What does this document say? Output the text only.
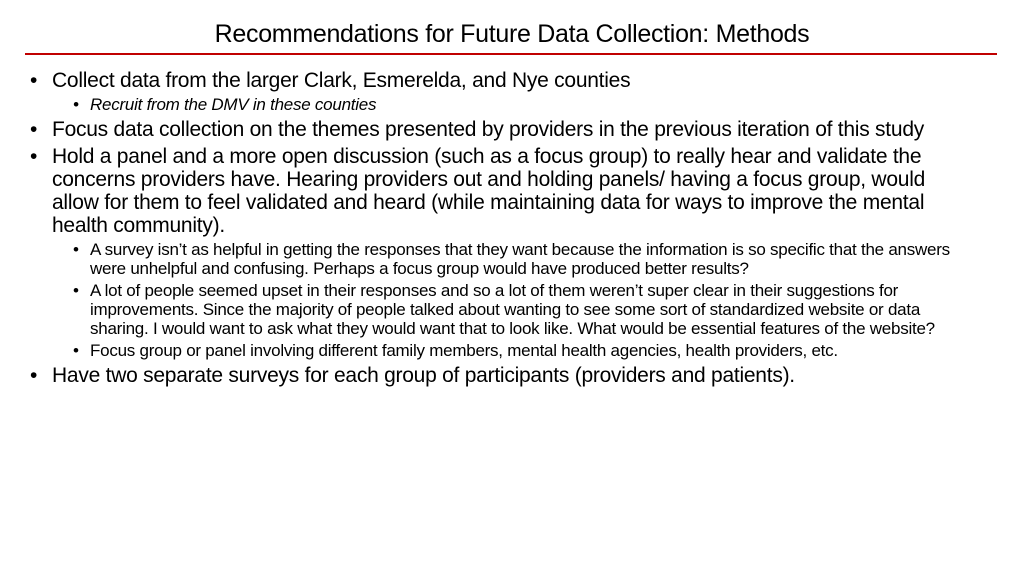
Recommendations for Future Data Collection: Methods
• Collect data from the larger Clark, Esmerelda, and Nye counties
• Recruit from the DMV in these counties
• Focus data collection on the themes presented by providers in the previous iteration of this study
• Hold a panel and a more open discussion (such as a focus group) to really hear and validate the concerns providers have. Hearing providers out and holding panels/ having a focus group, would allow for them to feel validated and heard (while maintaining data for ways to improve the mental health community).
• A survey isn’t as helpful in getting the responses that they want because the information is so specific that the answers were unhelpful and confusing. Perhaps a focus group would have produced better results?
• A lot of people seemed upset in their responses and so a lot of them weren’t super clear in their suggestions for improvements. Since the majority of people talked about wanting to see some sort of standardized website or data sharing. I would want to ask what they would want that to look like. What would be essential features of the website?
• Focus group or panel involving different family members, mental health agencies, health providers, etc.
• Have two separate surveys for each group of participants (providers and patients).
